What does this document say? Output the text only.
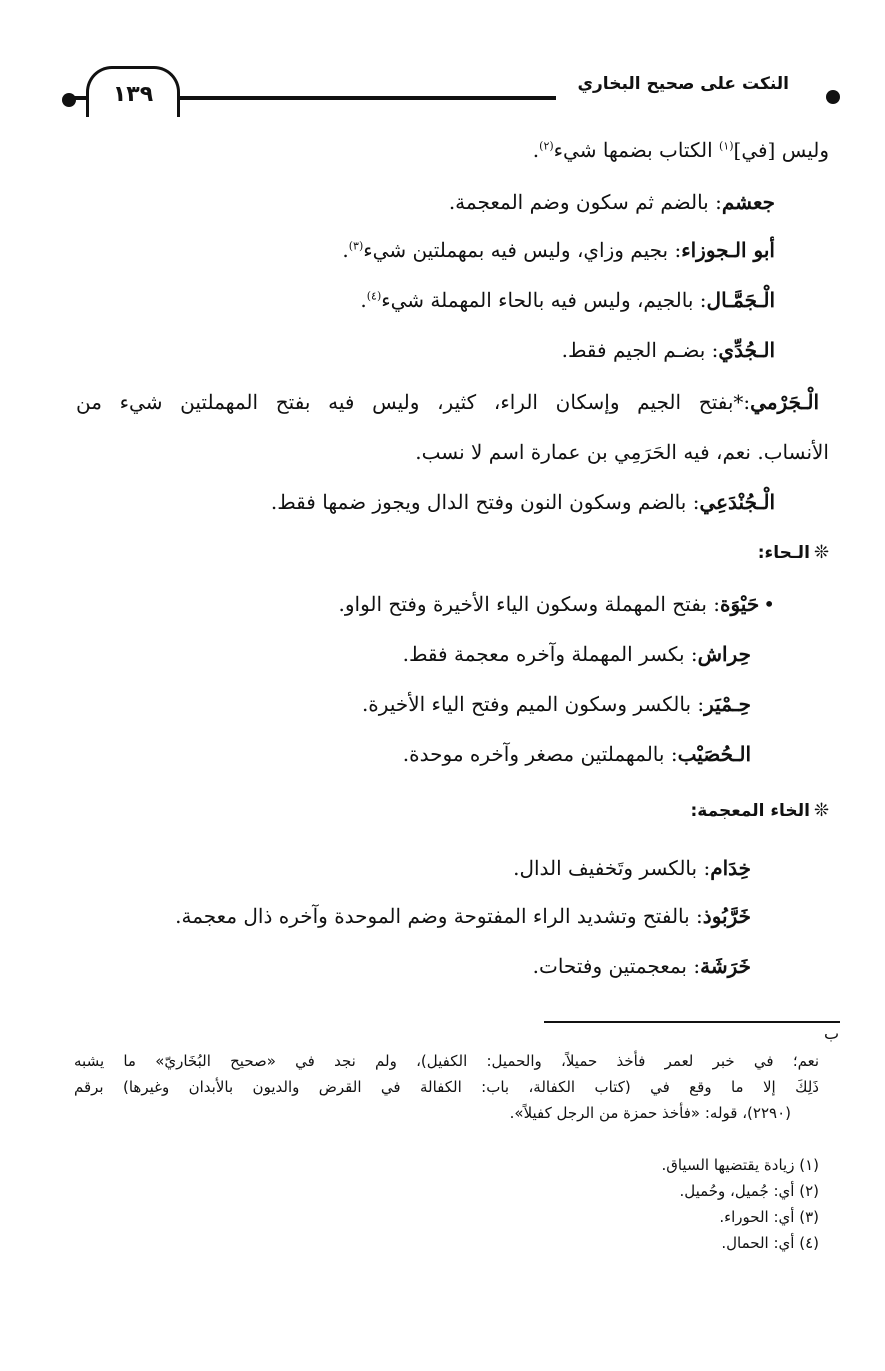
النكت على صحيح البخاري
١٣٩
وليس [في]$^{(١)}$ الكتاب بضمها شيء$^{(٢)}$.
جعشم: بالضم ثم سكون وضم المعجمة.
أبو الـجوزاء: بجيم وزاي، وليس فيه بمهملتين شيء$^{(٣)}$.
الْـجَمَّـال: بالجيم، وليس فيه بالحاء المهملة شيء$^{(٤)}$.
الـجُدِّي: بضـم الجيم فقط.
الْـجَرْمي:*بفتح الجيم وإسكان الراء، كثير، وليس فيه بفتح المهملتين شيء من
الأنساب. نعم، فيه الحَرَمِي بن عمارة اسم لا نسب.
الْـجُنْدَعِي: بالضم وسكون النون وفتح الدال ويجوز ضمها فقط.
❊الـحاء:
•حَيْوَة: بفتح المهملة وسكون الياء الأخيرة وفتح الواو.
حِراش: بكسر المهملة وآخره معجمة فقط.
حِـمْيَر: بالكسر وسكون الميم وفتح الياء الأخيرة.
الـحُصَيْب: بالمهملتين مصغر وآخره موحدة.
❊الخاء المعجمة:
خِدَام: بالكسر وتَخفيف الدال.
خَرَّبُوذ: بالفتح وتشديد الراء المفتوحة وضم الموحدة وآخره ذال معجمة.
خَرَشَة: بمعجمتين وفتحات.
ب
نعم؛ في خبر لعمر فأخذ حميلاً، والحميل: الكفيل)، ولم نجد في «صحيح البُخَاريّ» ما يشبه
ذَلِكَ إلا ما وقع في (كتاب الكفالة، باب: الكفالة في القرض والديون بالأبدان وغيرها) برقم
(٢٢٩٠)، قوله: «فأخذ حمزة من الرجل كفيلاً».
(١) زيادة يقتضيها السياق.
(٢) أي: جُميل، وحُميل.
(٣) أي: الحوراء.
(٤) أي: الحمال.
